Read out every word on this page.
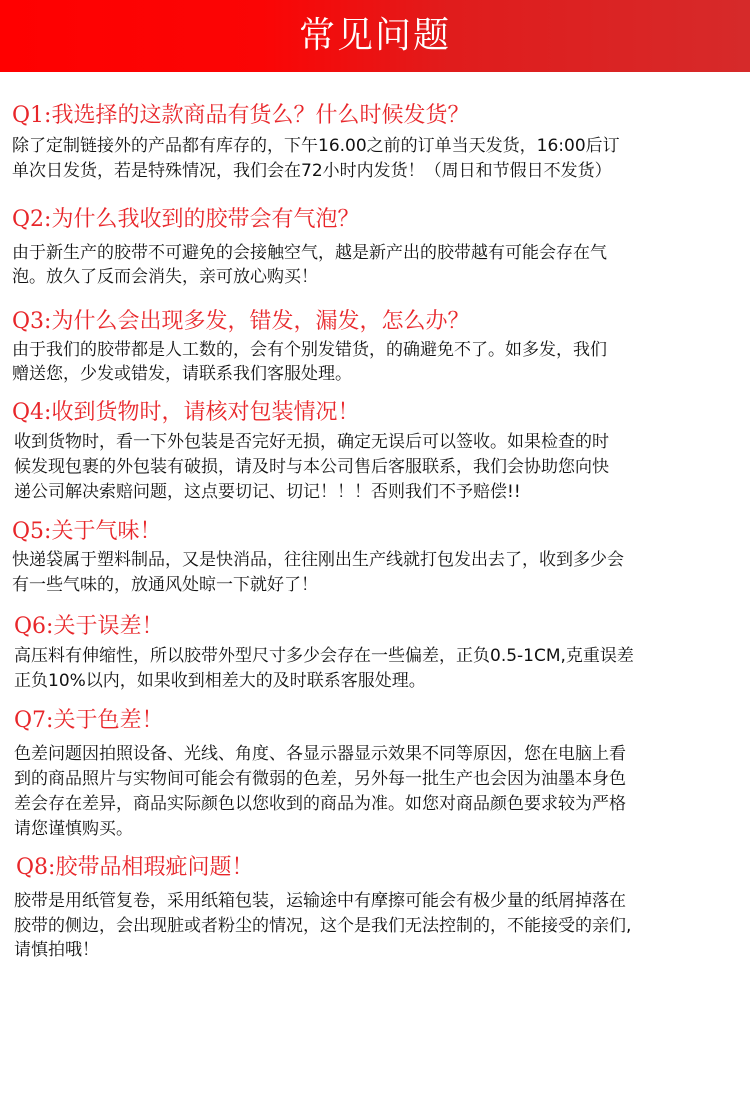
常见问题
Q1:我选择的这款商品有货么？什么时候发货？
除了定制链接外的产品都有库存的，下午16.00之前的订单当天发货，16:00后订
单次日发货，若是特殊情况，我们会在72小时内发货！（周日和节假日不发货）
Q2:为什么我收到的胶带会有气泡？
由于新生产的胶带不可避免的会接触空气，越是新产出的胶带越有可能会存在气
泡。放久了反而会消失，亲可放心购买！
Q3:为什么会出现多发，错发，漏发，怎么办？
由于我们的胶带都是人工数的，会有个别发错货，的确避免不了。如多发，我们
赠送您，少发或错发，请联系我们客服处理。
Q4:收到货物时，请核对包装情况！
收到货物时，看一下外包装是否完好无损，确定无误后可以签收。如果检查的时
候发现包裹的外包装有破损，请及时与本公司售后客服联系，我们会协助您向快
递公司解决索赔问题，这点要切记、切记！！！否则我们不予赔偿!!
Q5:关于气味！
快递袋属于塑料制品，又是快消品，往往刚出生产线就打包发出去了，收到多少会
有一些气味的，放通风处晾一下就好了！
Q6:关于误差！
高压料有伸缩性，所以胶带外型尺寸多少会存在一些偏差，正负0.5-1CM,克重误差
正负10%以内，如果收到相差大的及时联系客服处理。
Q7:关于色差！
色差问题因拍照设备、光线、角度、各显示器显示效果不同等原因，您在电脑上看
到的商品照片与实物间可能会有微弱的色差，另外每一批生产也会因为油墨本身色
差会存在差异，商品实际颜色以您收到的商品为准。如您对商品颜色要求较为严格
请您谨慎购买。
Q8:胶带品相瑕疵问题！
胶带是用纸管复卷，采用纸箱包装，运输途中有摩擦可能会有极少量的纸屑掉落在
胶带的侧边，会出现脏或者粉尘的情况，这个是我们无法控制的，不能接受的亲们,
请慎拍哦！
